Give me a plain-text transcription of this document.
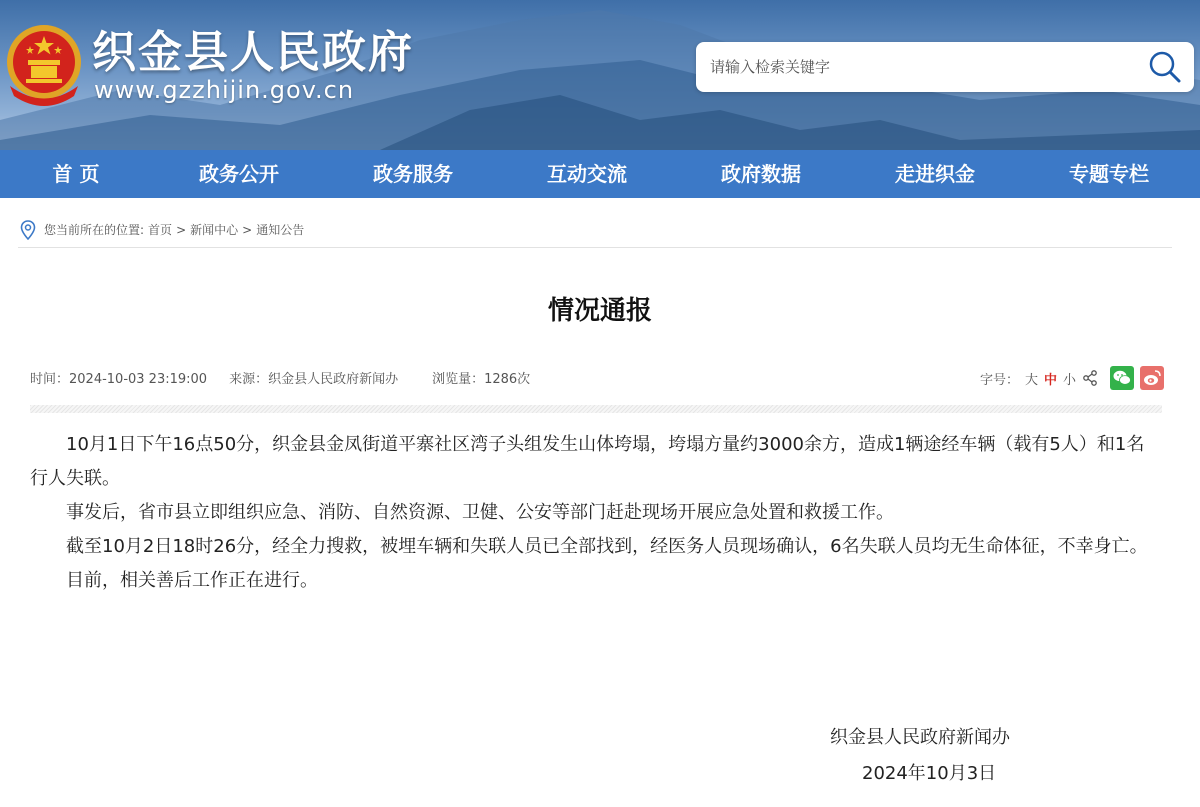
织金县人民政府
www.gzzhijin.gov.cn
请输入检索关键字
首 页	政务公开	政务服务	互动交流	政府数据	走进织金	专题专栏
您当前所在的位置: 首页 > 新闻中心 > 通知公告
情况通报
时间：2024-10-03 23:19:00 来源：织金县人民政府新闻办	浏览量：1286次	字号： 大 中 小

10月1日下午16点50分，织金县金凤街道平寨社区湾子头组发生山体垮塌，垮塌方量约3000余方，造成1辆途经车辆（载有5人）和1名行人失联。

事发后，省市县立即组织应急、消防、自然资源、卫健、公安等部门赶赴现场开展应急处置和救援工作。

截至10月2日18时26分，经全力搜救，被埋车辆和失联人员已全部找到，经医务人员现场确认，6名失联人员均无生命体征，不幸身亡。

目前，相关善后工作正在进行。

织金县人民政府新闻办
2024年10月3日
